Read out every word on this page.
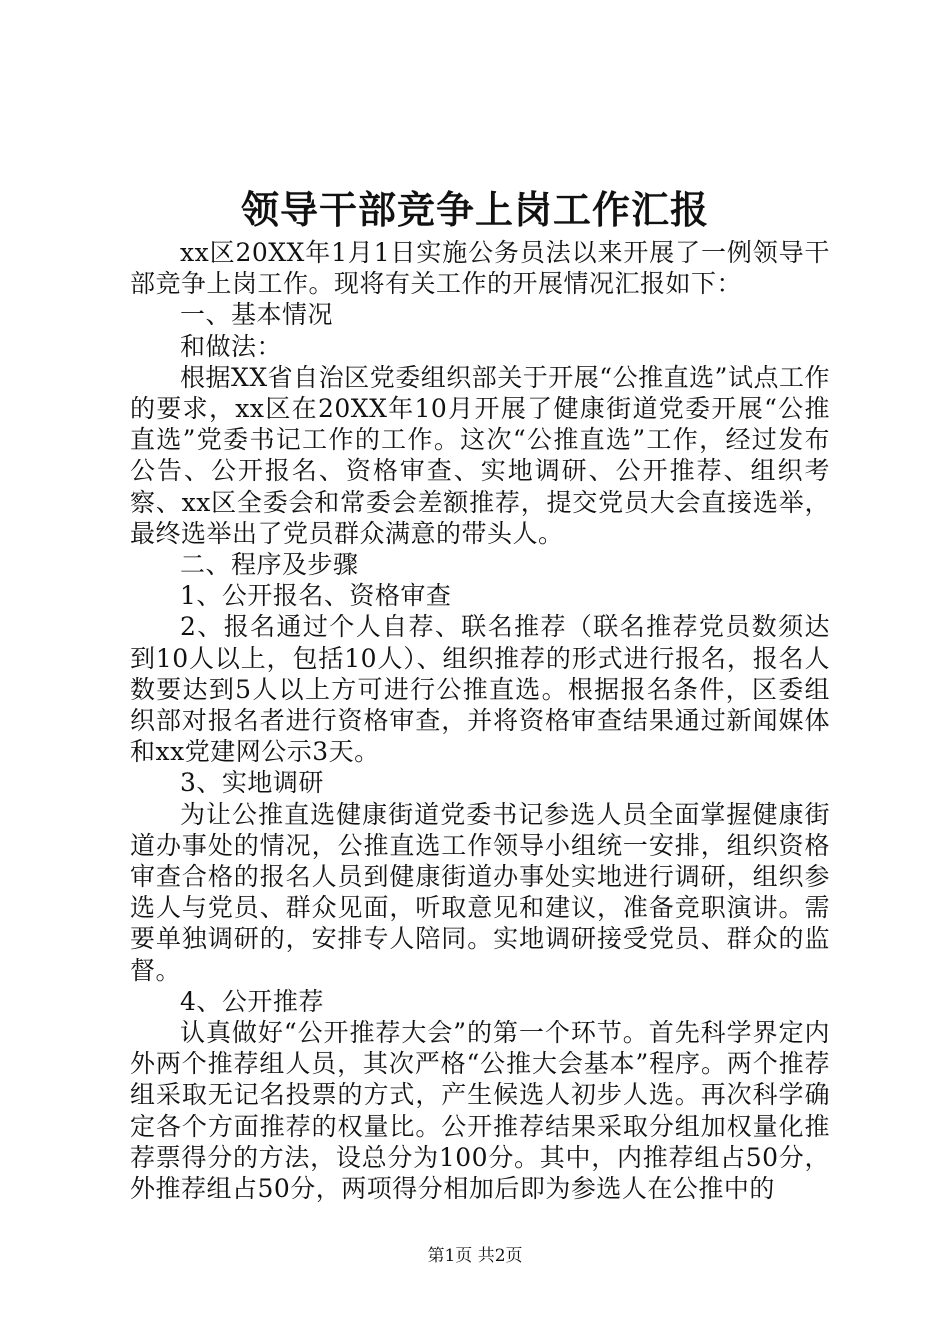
领导干部竞争上岗工作汇报

xx区20XX年1月1日实施公务员法以来开展了一例领导干部竞争上岗工作。现将有关工作的开展情况汇报如下：

一、基本情况

和做法：

根据XX省自治区党委组织部关于开展“公推直选”试点工作的要求，xx区在20XX年10月开展了健康街道党委开展“公推直选”党委书记工作的工作。这次“公推直选”工作，经过发布公告、公开报名、资格审查、实地调研、公开推荐、组织考察、xx区全委会和常委会差额推荐，提交党员大会直接选举，最终选举出了党员群众满意的带头人。

二、程序及步骤

1、公开报名、资格审查

2、报名通过个人自荐、联名推荐（联名推荐党员数须达到10人以上，包括10人）、组织推荐的形式进行报名，报名人数要达到5人以上方可进行公推直选。根据报名条件，区委组织部对报名者进行资格审查，并将资格审查结果通过新闻媒体和xx党建网公示3天。

3、实地调研

为让公推直选健康街道党委书记参选人员全面掌握健康街道办事处的情况，公推直选工作领导小组统一安排，组织资格审查合格的报名人员到健康街道办事处实地进行调研，组织参选人与党员、群众见面，听取意见和建议，准备竞职演讲。需要单独调研的，安排专人陪同。实地调研接受党员、群众的监督。

4、公开推荐

认真做好“公开推荐大会”的第一个环节。首先科学界定内外两个推荐组人员，其次严格“公推大会基本”程序。两个推荐组采取无记名投票的方式，产生候选人初步人选。再次科学确定各个方面推荐的权量比。公开推荐结果采取分组加权量化推荐票得分的方法，设总分为100分。其中，内推荐组占50分，外推荐组占50分，两项得分相加后即为参选人在公推中的

第1页 共2页
